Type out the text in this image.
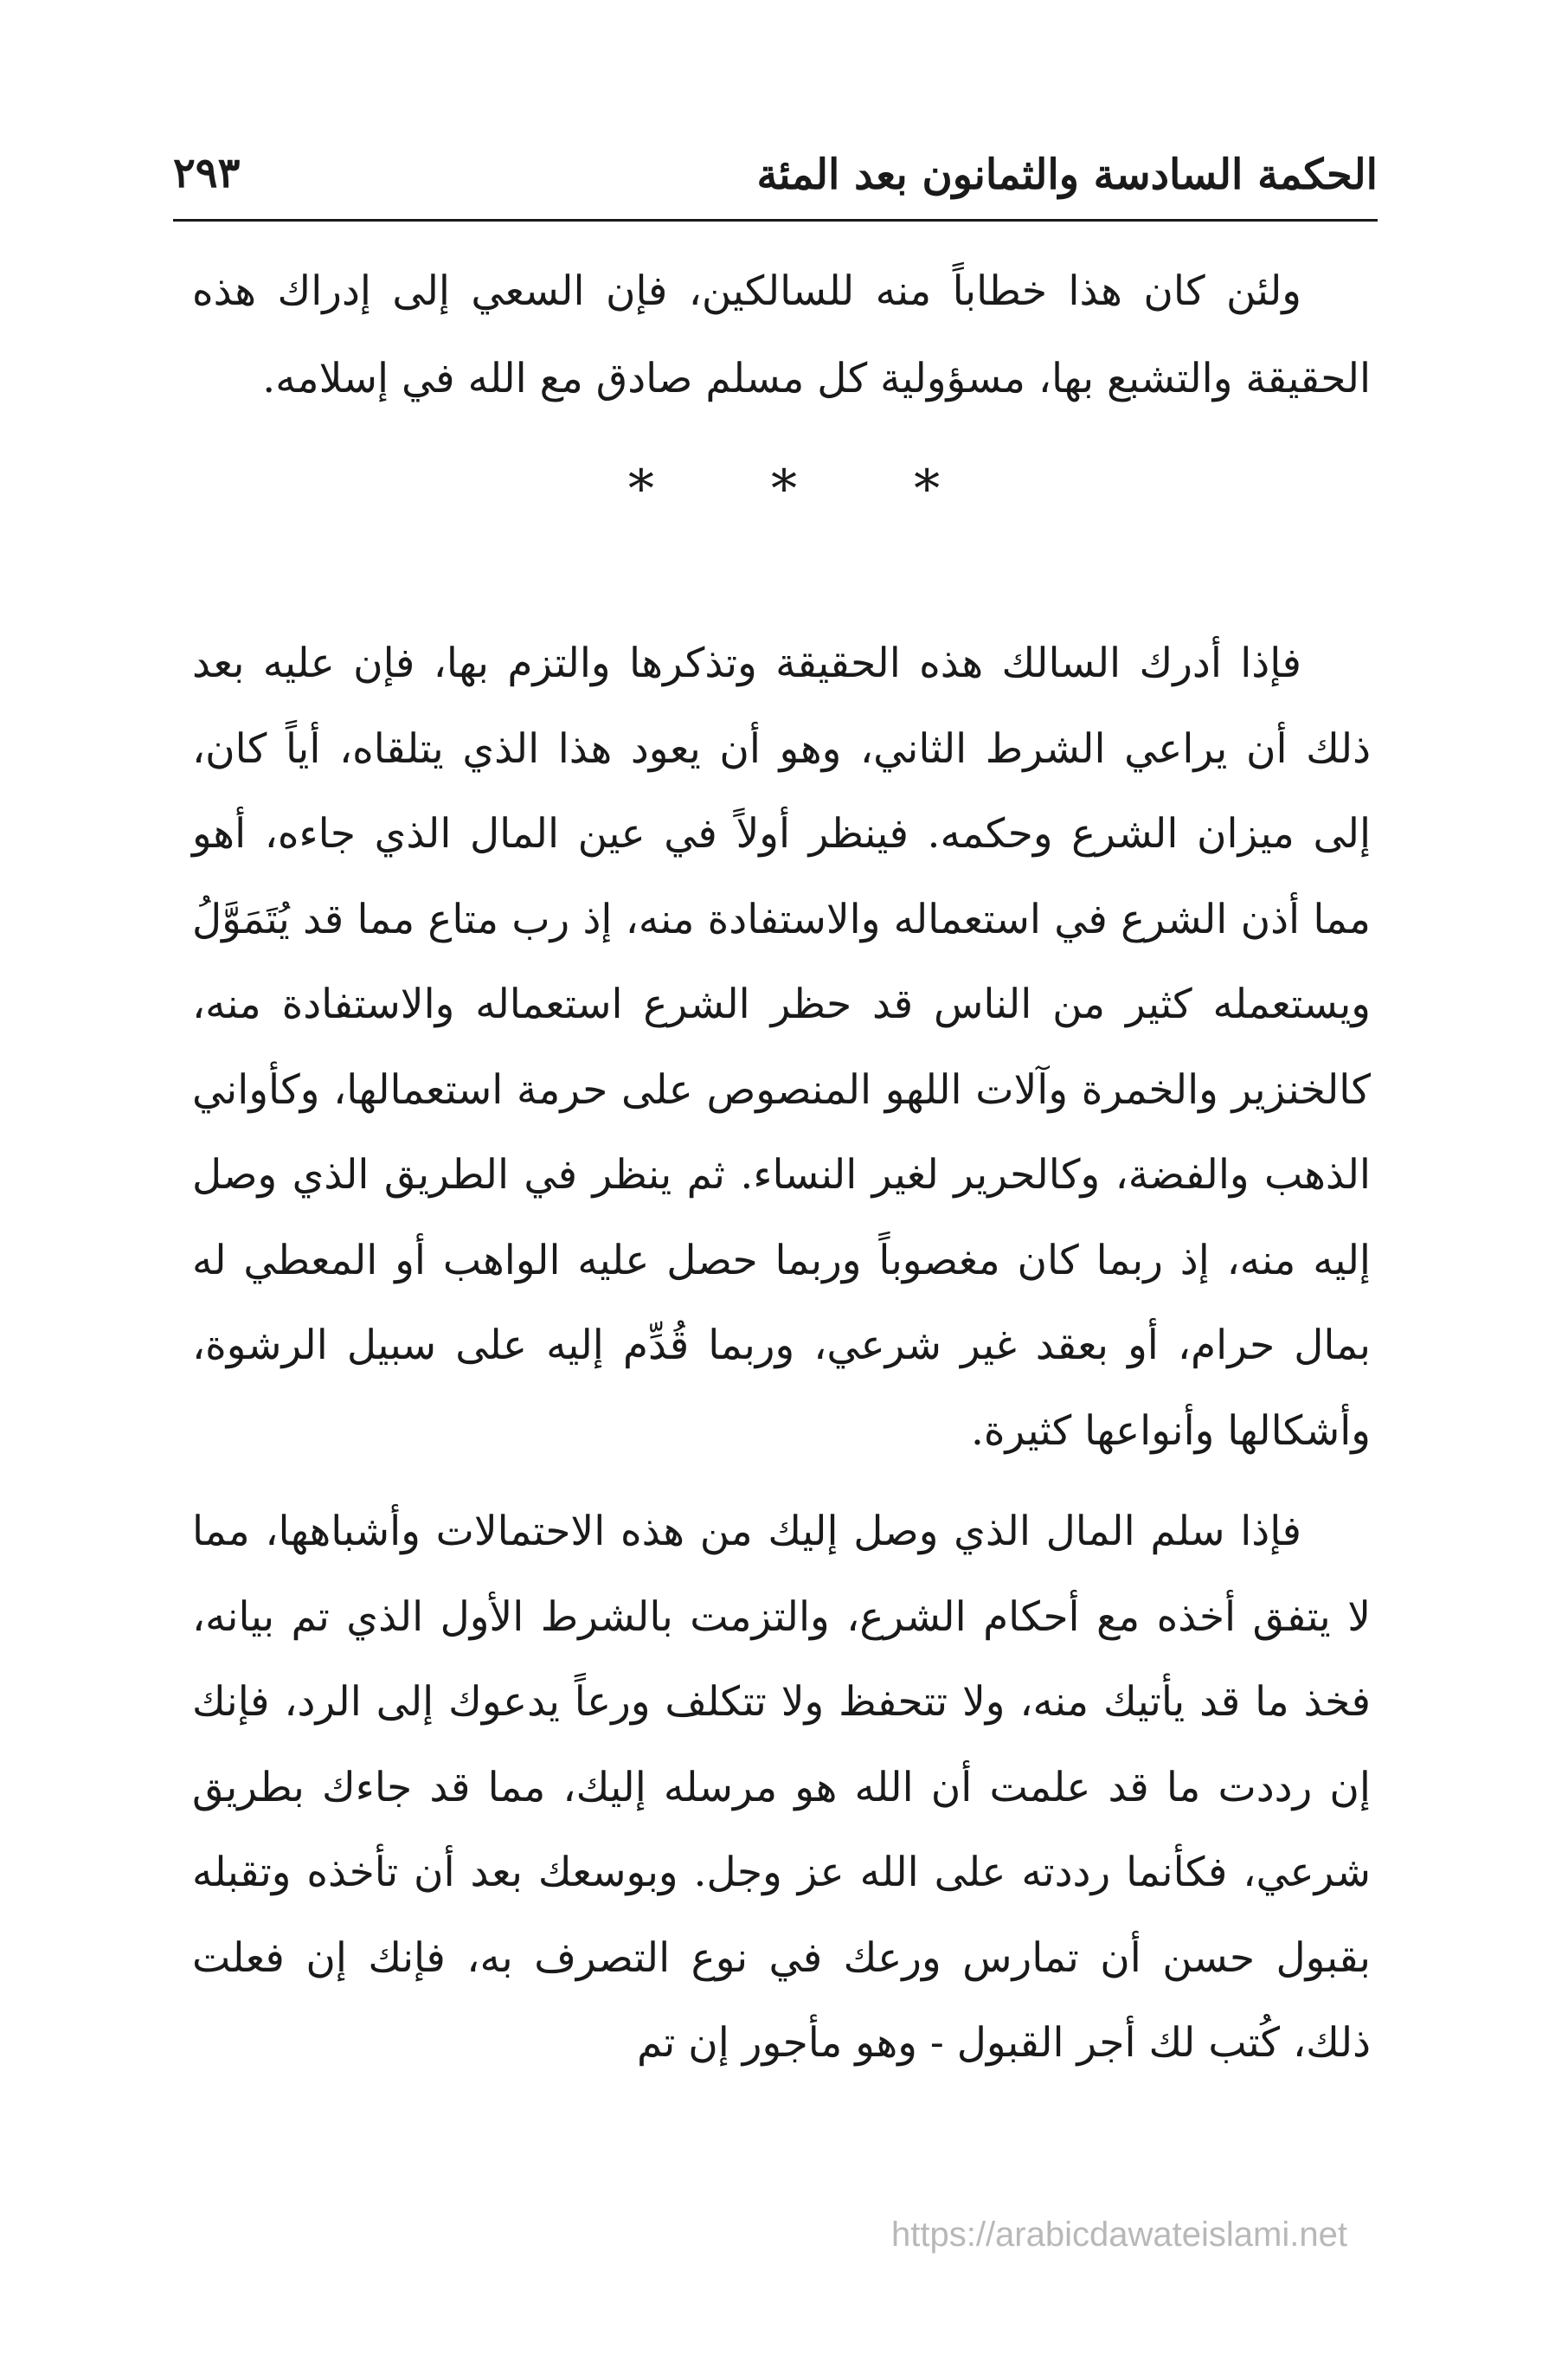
الحكمة السادسة والثمانون بعد المئة
٢٩٣

ولئن كان هذا خطاباً منه للسالكين، فإن السعي إلى إدراك هذه الحقيقة والتشبع بها، مسؤولية كل مسلم صادق مع الله في إسلامه.

* * *

فإذا أدرك السالك هذه الحقيقة وتذكرها والتزم بها، فإن عليه بعد ذلك أن يراعي الشرط الثاني، وهو أن يعود هذا الذي يتلقاه، أياً كان، إلى ميزان الشرع وحكمه. فينظر أولاً في عين المال الذي جاءه، أهو مما أذن الشرع في استعماله والاستفادة منه، إذ رب متاع مما قد يُتَمَوَّلُ ويستعمله كثير من الناس قد حظر الشرع استعماله والاستفادة منه، كالخنزير والخمرة وآلات اللهو المنصوص على حرمة استعمالها، وكأواني الذهب والفضة، وكالحرير لغير النساء. ثم ينظر في الطريق الذي وصل إليه منه، إذ ربما كان مغصوباً وربما حصل عليه الواهب أو المعطي له بمال حرام، أو بعقد غير شرعي، وربما قُدِّم إليه على سبيل الرشوة، وأشكالها وأنواعها كثيرة.

فإذا سلم المال الذي وصل إليك من هذه الاحتمالات وأشباهها، مما لا يتفق أخذه مع أحكام الشرع، والتزمت بالشرط الأول الذي تم بيانه، فخذ ما قد يأتيك منه، ولا تتحفظ ولا تتكلف ورعاً يدعوك إلى الرد، فإنك إن رددت ما قد علمت أن الله هو مرسله إليك، مما قد جاءك بطريق شرعي، فكأنما رددته على الله عز وجل. وبوسعك بعد أن تأخذه وتقبله بقبول حسن أن تمارس ورعك في نوع التصرف به، فإنك إن فعلت ذلك، كُتب لك أجر القبول - وهو مأجور إن تم

https://arabicdawateislami.net
